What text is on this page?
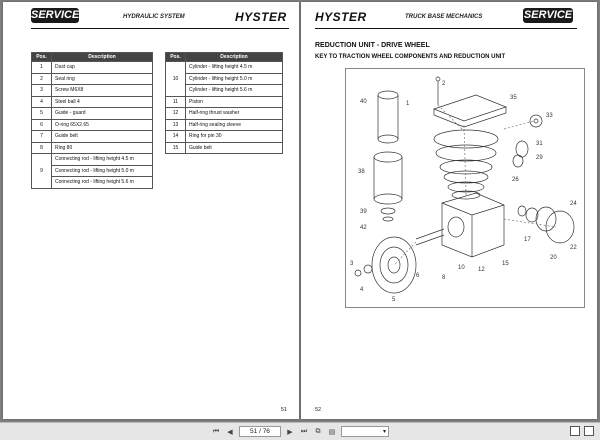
SERVICE	HYDRAULIC SYSTEM	HYSTER
Pos.	Description
1	Dust cap
2	Seal ring
3	Screw M6X8
4	Steel ball 4
5	Guide - guard
6	O-ring 65X2.65
7	Guide belt
8	Ring 80
9	Connecting rod - lifting height 4.5 m
	Connecting rod - lifting height 5.0 m
	Connecting rod - lifting height 5.6 m
Pos.	Description
10	Cylinder - lifting height 4.5 m
	Cylinder - lifting height 5.0 m
	Cylinder - lifting height 5.6 m
11	Piston
12	Half-ring thrust washer
13	Half-ring sealing sleeve
14	Ring for pin 30
15	Guide belt
51
HYSTER	TRUCK BASE MECHANICS	SERVICE
REDUCTION UNIT - DRIVE WHEEL
KEY TO TRACTION WHEEL COMPONENTS AND REDUCTION UNIT
40
38
39
42
1
2
35
33
31
29
26
24
22
20
17
15
12
10
8
6
5
4
3
52
⏮	◀	51 / 76	▶	⏭	⧉	▤
▾
